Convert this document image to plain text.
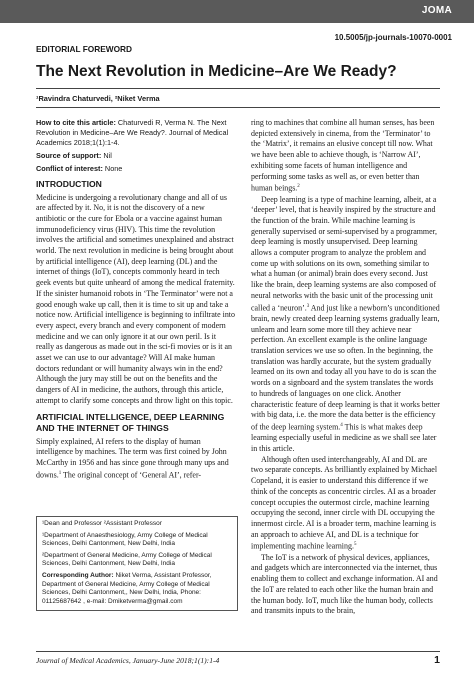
JOMA
10.5005/jp-journals-10070-0001
EDITORIAL FOREWORD
The Next Revolution in Medicine–Are We Ready?
¹Ravindra Chaturvedi, ²Niket Verma

How to cite this article: Chaturvedi R, Verma N. The Next Revolution in Medicine–Are We Ready?. Journal of Medical Academics 2018;1(1):1-4.

Source of support: Nil

Conflict of interest: None

INTRODUCTION

Medicine is undergoing a revolutionary change and all of us are affected by it. No, it is not the discovery of a new antibiotic or the cure for Ebola or a vaccine against human immunodeficiency virus (HIV). This time the revolution involves the artificial and sometimes unexplained and abstract world. The next revolution in medicine is being brought about by artificial intelligence (AI), deep learning (DL) and the internet of things (IoT), concepts commonly heard in tech geek events but quite unheard of among the medical fraternity. If the sinister humanoid robots in ‘The Terminator’ were not a good enough wake up call, then it is time to sit up and take a notice now. Artificial intelligence is beginning to infiltrate into every aspect, every branch and every component of modern medicine and we can only ignore it at our own peril. Is it really as dangerous as made out in the sci-fi movies or is it an asset we can use to our advantage? Will AI make human doctors redundant or will humanity always win in the end? Although the jury may still be out on the benefits and the dangers of AI in medicine, the authors, through this article, attempt to clarify some concepts and throw light on this topic.

ARTIFICIAL INTELLIGENCE, DEEP LEARNING AND THE INTERNET OF THINGS

Simply explained, AI refers to the display of human intelligence by machines. The term was first coined by John McCarthy in 1956 and has since gone through many ups and downs.$^1$ The original concept of ‘General AI’, refer-

¹Dean and Professor ²Assistant Professor

¹Department of Anaesthesiology, Army College of Medical Sciences, Delhi Cantonment, New Delhi, India

²Department of General Medicine, Army College of Medical Sciences, Delhi Cantonment, New Delhi, India

Corresponding Author: Niket Verma, Assistant Professor, Department of General Medicine, Army College of Medical Sciences, Delhi Cantonment,, New Delhi, India, Phone: 01125687642 , e-mail: Dmiketverma@gmail.com

ring to machines that combine all human senses, has been depicted extensively in cinema, from the ‘Terminator’ to the ‘Matrix’, it remains an elusive concept till now. What we have been able to achieve though, is ‘Narrow AI’, exhibiting some facets of human intelligence and performing some tasks as well as, or even better than human beings.$^2$

Deep learning is a type of machine learning, albeit, at a ‘deeper’ level, that is heavily inspired by the structure and the function of the brain. While machine learning is generally supervised or semi-supervised by a programmer, deep learning is mostly unsupervised. Deep learning allows a computer program to analyze the problem and come up with solutions on its own, something similar to what a human (or animal) brain does every second. Just like the brain, deep learning systems are also composed of neural networks with the basic unit of the processing unit called a ‘neuron’.$^3$ And just like a newborn’s unconditioned brain, newly created deep learning systems gradually learn, unlearn and learn some more till they achieve near perfection. An excellent example is the online language translation services we use so often. In the beginning, the translation was hardly accurate, but the system gradually learned on its own and today all you have to do is scan the words on a signboard and the system translates the words to hundreds of languages on one click. Another characteristic feature of deep learning is that it works better with big data, i.e. the more the data better is the efficiency of the deep learning system.$^4$ This is what makes deep learning especially useful in medicine as we shall see later in this article.

Although often used interchangeably, AI and DL are two separate concepts. As brilliantly explained by Michael Copeland, it is easier to understand this difference if we think of the concepts as concentric circles. AI as a broader concept occupies the outermost circle, machine learning occupying the second, inner circle with DL occupying the innermost circle. AI is a broader term, machine learning is an approach to achieve AI, and DL is a technique for implementing machine learning.$^5$

The IoT is a network of physical devices, appliances, and gadgets which are interconnected via the internet, thus enabling them to collect and exchange information. AI and the IoT are related to each other like the human brain and the human body. IoT, much like the human body, collects and transmits inputs to the brain,

Journal of Medical Academics, January-June 2018;1(1):1-4	1
